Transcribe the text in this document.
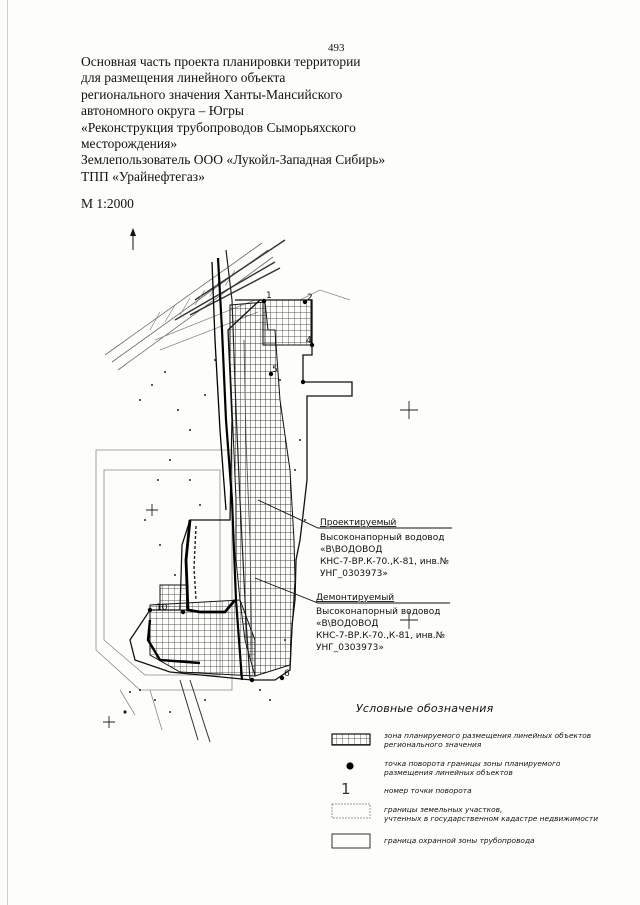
493
Основная часть проекта планировки территории
для размещения линейного объекта
регионального значения Ханты-Мансийского
автономного округа – Югры
«Реконструкция трубопроводов Сыморьяхского
месторождения»
Землепользователь ООО «Лукойл-Западная Сибирь»
ТПП «Урайнефтегаз»
М 1:2000
2
4
5
1
10
6
Проектируемый
Высоконапорный водовод
«В\ВОДОВОД
КНС-7-ВР.К-70.,К-81, инв.№
УНГ_0303973»
Демонтируемый
Высоконапорный водовод
«В\ВОДОВОД
КНС-7-ВР.К-70.,К-81, инв.№
УНГ_0303973»
Условные обозначения
1
зона планируемого размещения линейных объектов
регионального значения
точка поворота границы зоны планируемого
размещения линейных объектов
номер точки поворота
границы земельных участков,
учтенных в государственном кадастре недвижимости
граница охранной зоны трубопровода
